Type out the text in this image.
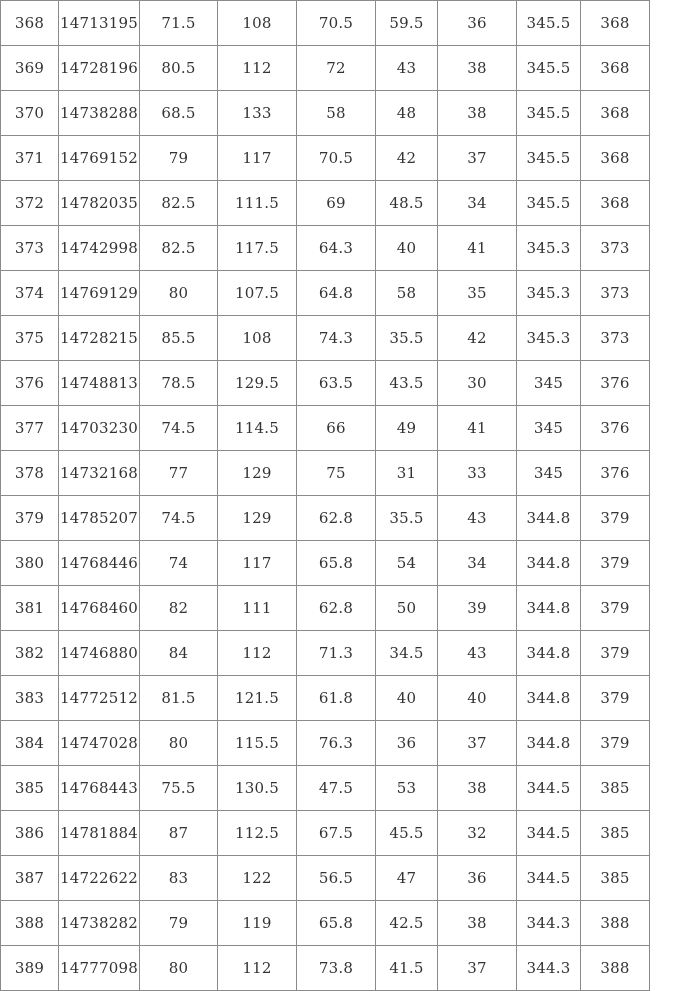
368	14713195	71.5	108	70.5	59.5	36	345.5	368
369	14728196	80.5	112	72	43	38	345.5	368
370	14738288	68.5	133	58	48	38	345.5	368
371	14769152	79	117	70.5	42	37	345.5	368
372	14782035	82.5	111.5	69	48.5	34	345.5	368
373	14742998	82.5	117.5	64.3	40	41	345.3	373
374	14769129	80	107.5	64.8	58	35	345.3	373
375	14728215	85.5	108	74.3	35.5	42	345.3	373
376	14748813	78.5	129.5	63.5	43.5	30	345	376
377	14703230	74.5	114.5	66	49	41	345	376
378	14732168	77	129	75	31	33	345	376
379	14785207	74.5	129	62.8	35.5	43	344.8	379
380	14768446	74	117	65.8	54	34	344.8	379
381	14768460	82	111	62.8	50	39	344.8	379
382	14746880	84	112	71.3	34.5	43	344.8	379
383	14772512	81.5	121.5	61.8	40	40	344.8	379
384	14747028	80	115.5	76.3	36	37	344.8	379
385	14768443	75.5	130.5	47.5	53	38	344.5	385
386	14781884	87	112.5	67.5	45.5	32	344.5	385
387	14722622	83	122	56.5	47	36	344.5	385
388	14738282	79	119	65.8	42.5	38	344.3	388
389	14777098	80	112	73.8	41.5	37	344.3	388
